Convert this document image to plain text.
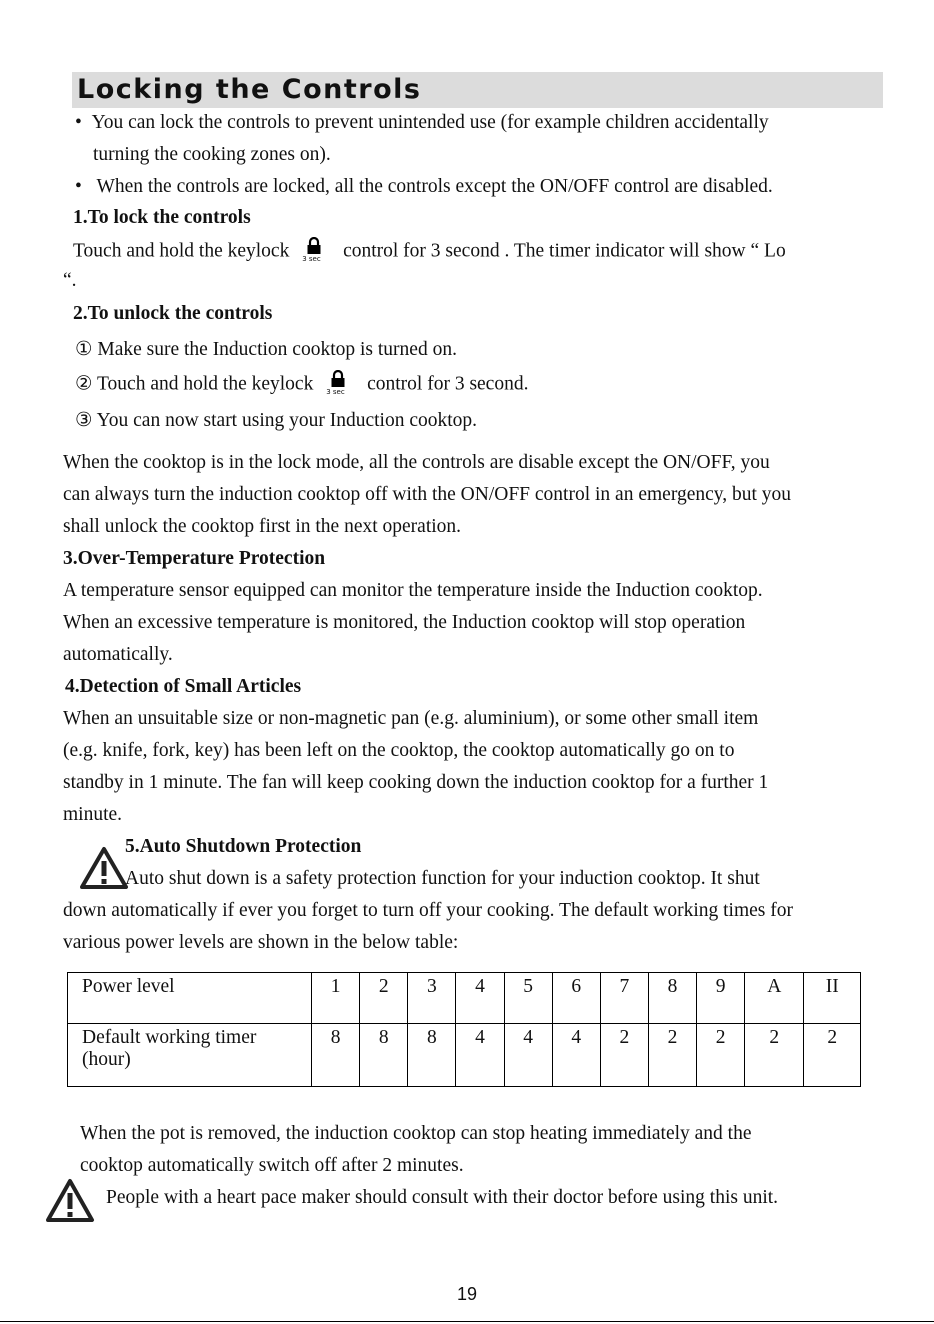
Locking the Controls
•  You can lock the controls to prevent unintended use (for example children accidentally
turning the cooking zones on).
•   When the controls are locked, all the controls except the ON/OFF control are disabled.
1.To lock the controls
Touch and hold the keylock 3 sec control for 3 second . The timer indicator will show “ Lo
“.
2.To unlock the controls
① Make sure the Induction cooktop is turned on.
② Touch and hold the keylock 3 sec control for 3 second.
③ You can now start using your Induction cooktop.
When the cooktop is in the lock mode, all the controls are disable except the ON/OFF, you
can always turn the induction cooktop off with the ON/OFF control in an emergency, but you
shall unlock the cooktop first in the next operation.
3.Over-Temperature Protection
A temperature sensor equipped can monitor the temperature inside the Induction cooktop.
When an excessive temperature is monitored, the Induction cooktop will stop operation
automatically.
4.Detection of Small Articles
When an unsuitable size or non-magnetic pan (e.g. aluminium), or some other small item
(e.g. knife, fork, key) has been left on the cooktop, the cooktop automatically go on to
standby in 1 minute. The fan will keep cooking down the induction cooktop for a further 1
minute.
5.Auto Shutdown Protection
Auto shut down is a safety protection function for your induction cooktop. It shut
down automatically if ever you forget to turn off your cooking. The default working times for
various power levels are shown in the below table:
Power level	1	2	3	4	5	6	7	8	9	A	II
Default working timer
(hour)	8	8	8	4	4	4	2	2	2	2	2
When the pot is removed, the induction cooktop can stop heating immediately and the
cooktop automatically switch off after 2 minutes.
People with a heart pace maker should consult with their doctor before using this unit.
19
